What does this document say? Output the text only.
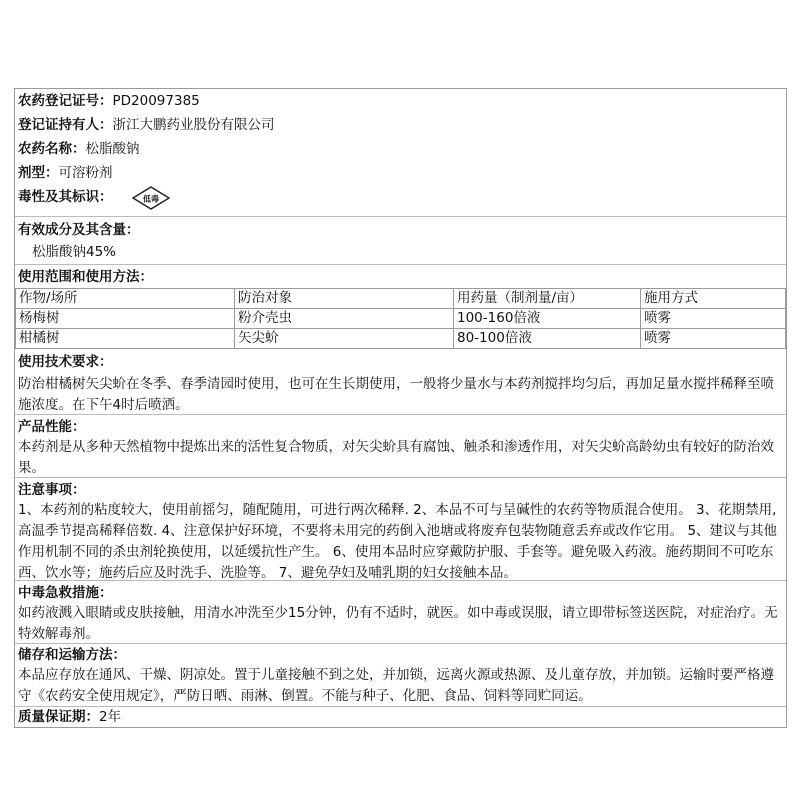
农药登记证号：PD20097385
登记证持有人：浙江大鹏药业股份有限公司
农药名称：松脂酸钠
剂型：可溶粉剂
毒性及其标识：	低毒
有效成分及其含量：
松脂酸钠45%
使用范围和使用方法：
作物/场所	防治对象	用药量（制剂量/亩）	施用方式
杨梅树	粉介壳虫	100-160倍液	喷雾
柑橘树	矢尖蚧	80-100倍液	喷雾
使用技术要求：
防治柑橘树矢尖蚧在冬季、春季清园时使用，也可在生长期使用，一般将少量水与本药剂搅拌均匀后，再加足量水搅拌稀释至喷施浓度。在下午4时后喷洒。
产品性能：
本药剂是从多种天然植物中提炼出来的活性复合物质，对矢尖蚧具有腐蚀、触杀和渗透作用，对矢尖蚧高龄幼虫有较好的防治效果。
注意事项：
1、本药剂的粘度较大，使用前摇匀，随配随用，可进行两次稀释. 2、本品不可与呈碱性的农药等物质混合使用。 3、花期禁用,高温季节提高稀释倍数. 4、注意保护好环境，不要将未用完的药倒入池塘或将废弃包装物随意丢弃或改作它用。 5、建议与其他作用机制不同的杀虫剂轮换使用，以延缓抗性产生。 6、使用本品时应穿戴防护服、手套等。避免吸入药液。施药期间不可吃东西、饮水等；施药后应及时洗手、洗脸等。 7、避免孕妇及哺乳期的妇女接触本品。
中毒急救措施：
如药液溅入眼睛或皮肤接触，用清水冲洗至少15分钟，仍有不适时，就医。如中毒或误服，请立即带标签送医院，对症治疗。无特效解毒剂。
储存和运输方法：
本品应存放在通风、干燥、阴凉处。置于儿童接触不到之处，并加锁，远离火源或热源、及儿童存放，并加锁。运输时要严格遵守《农药安全使用规定》，严防日晒、雨淋、倒置。不能与种子、化肥、食品、饲料等同贮同运。
质量保证期：2年
